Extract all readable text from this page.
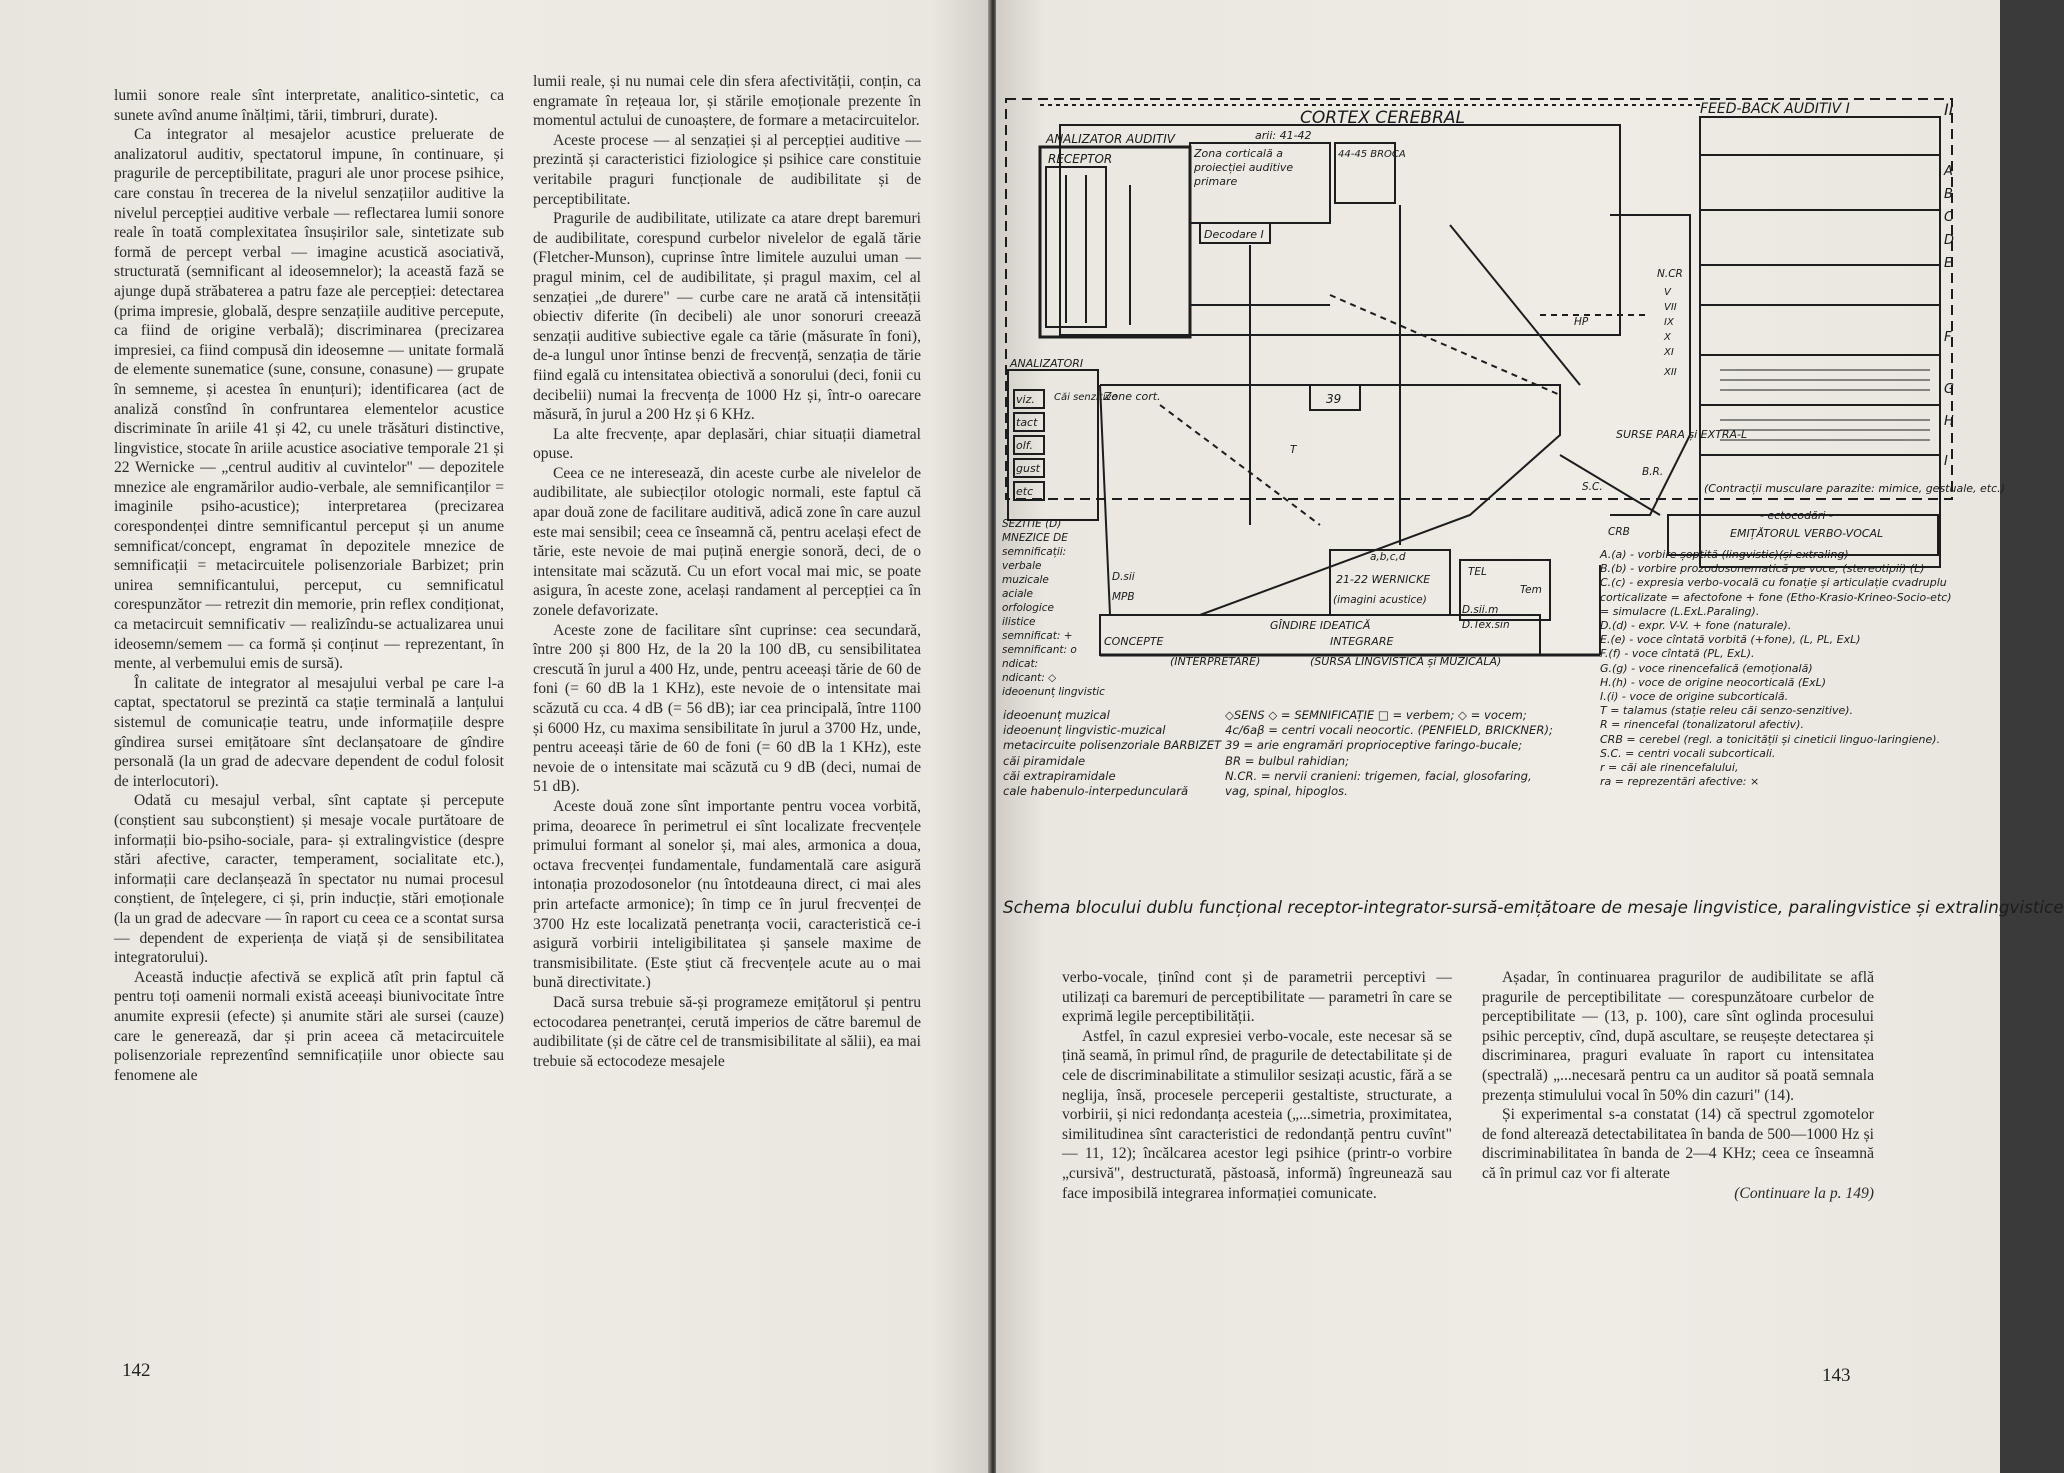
lumii sonore reale sînt interpretate, analitico-sintetic, ca sunete avînd anume înălțimi, tării, timbruri, durate).

Ca integrator al mesajelor acustice preluerate de analizatorul auditiv, spectatorul impune, în continuare, și pragurile de perceptibilitate, praguri ale unor procese psihice, care constau în trecerea de la nivelul senzațiilor auditive la nivelul percepției auditive verbale — reflectarea lumii sonore reale în toată complexitatea însușirilor sale, sintetizate sub formă de percept verbal — imagine acustică asociativă, structurată (semnificant al ideosemnelor); la această fază se ajunge după străbaterea a patru faze ale percepției: detectarea (prima impresie, globală, despre senzațiile auditive percepute, ca fiind de origine verbală); discriminarea (precizarea impresiei, ca fiind compusă din ideosemne — unitate formală de elemente sunematice (sune, consune, conasune) — grupate în semneme, și acestea în enunțuri); identificarea (act de analiză constînd în confruntarea elementelor acustice discriminate în ariile 41 și 42, cu unele trăsături distinctive, lingvistice, stocate în ariile acustice asociative temporale 21 și 22 Wernicke — „centrul auditiv al cuvintelor" — depozitele mnezice ale engramărilor audio-verbale, ale semnificanților = imaginile psiho-acustice); interpretarea (precizarea corespondenței dintre semnificantul perceput și un anume semnificat/concept, engramat în depozitele mnezice de semnificații = metacircuitele polisenzoriale Barbizet; prin unirea semnificantului, perceput, cu semnificatul corespunzător — retrezit din memorie, prin reflex condiționat, ca metacircuit semnificativ — realizîndu-se actualizarea unui ideosemn/semem — ca formă și conținut — reprezentant, în mente, al verbemului emis de sursă).

În calitate de integrator al mesajului verbal pe care l-a captat, spectatorul se prezintă ca stație terminală a lanțului sistemul de comunicație teatru, unde informațiile despre gîndirea sursei emițătoare sînt declanșatoare de gîndire personală (la un grad de adecvare dependent de codul folosit de interlocutori).

Odată cu mesajul verbal, sînt captate și percepute (conștient sau subconștient) și mesaje vocale purtătoare de informații bio-psiho-sociale, para- și extralingvistice (despre stări afective, caracter, temperament, socialitate etc.), informații care declanșează în spectator nu numai procesul conștient, de înțelegere, ci și, prin inducție, stări emoționale (la un grad de adecvare — în raport cu ceea ce a scontat sursa — dependent de experiența de viață și de sensibilitatea integratorului).

Această inducție afectivă se explică atît prin faptul că pentru toți oamenii normali există aceeași biunivocitate între anumite expresii (efecte) și anumite stări ale sursei (cauze) care le generează, dar și prin aceea că metacircuitele polisenzoriale reprezentînd semnificațiile unor obiecte sau fenomene ale

lumii reale, și nu numai cele din sfera afectivității, conțin, ca engramate în rețeaua lor, și stările emoționale prezente în momentul actului de cunoaștere, de formare a metacircuitelor.

Aceste procese — al senzației și al percepției auditive — prezintă și caracteristici fiziologice și psihice care constituie veritabile praguri funcționale de audibilitate și de perceptibilitate.

Pragurile de audibilitate, utilizate ca atare drept baremuri de audibilitate, corespund curbelor nivelelor de egală tărie (Fletcher-Munson), cuprinse între limitele auzului uman — pragul minim, cel de audibilitate, și pragul maxim, cel al senzației „de durere" — curbe care ne arată că intensității obiectiv diferite (în decibeli) ale unor sonoruri creează senzații auditive subiective egale ca tărie (măsurate în foni), de-a lungul unor întinse benzi de frecvență, senzația de tărie fiind egală cu intensitatea obiectivă a sonorului (deci, fonii cu decibelii) numai la frecvența de 1000 Hz și, într-o oarecare măsură, în jurul a 200 Hz și 6 KHz.

La alte frecvențe, apar deplasări, chiar situații diametral opuse.

Ceea ce ne interesează, din aceste curbe ale nivelelor de audibilitate, ale subiecților otologic normali, este faptul că apar două zone de facilitare auditivă, adică zone în care auzul este mai sensibil; ceea ce înseamnă că, pentru același efect de tărie, este nevoie de mai puțină energie sonoră, deci, de o intensitate mai scăzută. Cu un efort vocal mai mic, se poate asigura, în aceste zone, același randament al percepției ca în zonele defavorizate.

Aceste zone de facilitare sînt cuprinse: cea secundară, între 200 și 800 Hz, de la 20 la 100 dB, cu sensibilitatea crescută în jurul a 400 Hz, unde, pentru aceeași tărie de 60 de foni (= 60 dB la 1 KHz), este nevoie de o intensitate mai scăzută cu cca. 4 dB (= 56 dB); iar cea principală, între 1100 și 6000 Hz, cu maxima sensibilitate în jurul a 3700 Hz, unde, pentru aceeași tărie de 60 de foni (= 60 dB la 1 KHz), este nevoie de o intensitate mai scăzută cu 9 dB (deci, numai de 51 dB).

Aceste două zone sînt importante pentru vocea vorbită, prima, deoarece în perimetrul ei sînt localizate frecvențele primului formant al sonelor și, mai ales, armonica a doua, octava frecvenței fundamentale, fundamentală care asigură intonația prozodosonelor (nu întotdeauna direct, ci mai ales prin artefacte armonice); în timp ce în jurul frecvenței de 3700 Hz este localizată penetranța vocii, caracteristică ce-i asigură vorbirii inteligibilitatea și șansele maxime de transmisibilitate. (Este știut că frecvențele acute au o mai bună directivitate.)

Dacă sursa trebuie să-și programeze emițătorul și pentru ectocodarea penetranței, cerută imperios de către baremul de audibilitate (și de către cel de transmisibilitate al sălii), ea mai trebuie să ectocodeze mesajele

142

verbo-vocale, ținînd cont și de parametrii perceptivi — utilizați ca baremuri de perceptibilitate — parametri în care se exprimă legile perceptibilității.

Astfel, în cazul expresiei verbo-vocale, este necesar să se țină seamă, în primul rînd, de pragurile de detectabilitate și de cele de discriminabilitate a stimulilor sesizați acustic, fără a se neglija, însă, procesele perceperii gestaltiste, structurate, a vorbirii, și nici redondanța acesteia („...simetria, proximitatea, similitudinea sînt caracteristici de redondanță pentru cuvînt" — 11, 12); încălcarea acestor legi psihice (printr-o vorbire „cursivă", destructurată, păstoasă, informă) îngreunează sau face imposibilă integrarea informației comunicate.

Așadar, în continuarea pragurilor de audibilitate se află pragurile de perceptibilitate — corespunzătoare curbelor de perceptibilitate — (13, p. 100), care sînt oglinda procesului psihic perceptiv, cînd, după ascultare, se reușește detectarea și discriminarea, praguri evaluate în raport cu intensitatea (spectrală) „...necesară pentru ca un auditor să poată semnala prezența stimulului vocal în 50% din cazuri" (14).

Și experimental s-a constatat (14) că spectrul zgomotelor de fond alterează detectabilitatea în banda de 500—1000 Hz și discriminabilitatea în banda de 2—4 KHz; ceea ce înseamnă că în primul caz vor fi alterate

(Continuare la p. 149)

143
CORTEX CEREBRAL	FEED-BACK AUDITIV I	II
ANALIZATOR AUDITIV
RECEPTOR
arii: 41-42
Zona corticală a proiecției auditive primare
Decodare I
44-45 BROCA
ANALIZATORI
viz.
tact
olf.
gust
etc
Căi senzitive
Zone cort.	39
21-22 WERNICKE
(imagini acustice)
a,b,c,d
GÎNDIRE IDEATICĂ
INTEGRARE
CONCEPTE
(INTERPRETARE)	(SURSĂ LINGVISTICĂ și MUZICALĂ)
SURSE PARA și EXTRA-L
(Contracții musculare parazite: mimice, gestuale, etc.)
- ectocodări -
EMIȚĂTORUL VERBO-VOCAL
A
B
C
D
E
F
G
H
I
V
VII
IX
X
XI
XII
D.sii
MPB
T
TEL
Tem
D.sii.m
D.Tex.sin
HP
B.R.
S.C.
CRB
N.CR
SEZITIE (D)
MNEZICE DE
semnificații:
verbale
muzicale
aciale
orfologice
ilistice
semnificat: +
semnificant: o
ndicat:
ndicant: ◇
ideoenunț lingvistic
ideoenunț muzical
ideoenunț lingvistic-muzical
metacircuite polisenzoriale BARBIZET
căi piramidale
căi extrapiramidale
cale habenulo-interpedunculară
◇SENS ◇ = SEMNIFICAȚIE □ = verbem; ◇ = vocem;
4c/6aβ = centri vocali neocortic. (PENFIELD, BRICKNER);
39 = arie engramări proprioceptive faringo-bucale;
BR = bulbul rahidian;
N.CR. = nervii cranieni: trigemen, facial, glosofaring,
vag, spinal, hipoglos.
A.(a) - vorbire șoptită (lingvistic)(și extraling)
B.(b) - vorbire prozodosonematică pe voce; (stereotipii) (L)
C.(c) - expresia verbo-vocală cu fonație și articulație cvadruplu corticalizate = afectofone + fone (Etho-Krasio-Krineo-Socio-etc) = simulacre (L.ExL.Paraling).
D.(d) - expr. V-V. + fone (naturale).
E.(e) - voce cîntată vorbită (+fone), (L, PL, ExL)
F.(f) - voce cîntată (PL, ExL).
G.(g) - voce rinencefalică (emoțională)
H.(h) - voce de origine neocorticală (ExL)
I.(i) - voce de origine subcorticală.
T = talamus (stație releu căi senzo-senzitive).
R = rinencefal (tonalizatorul afectiv).
CRB = cerebel (regl. a tonicității și cineticii linguo-laringiene).
S.C. = centri vocali subcorticali.
r = căi ale rinencefalului,
ra = reprezentări afective: ×
Schema blocului dublu funcțional receptor-integrator-sursă-emițătoare de mesaje lingvistice, paralingvistice și extralingvistice
